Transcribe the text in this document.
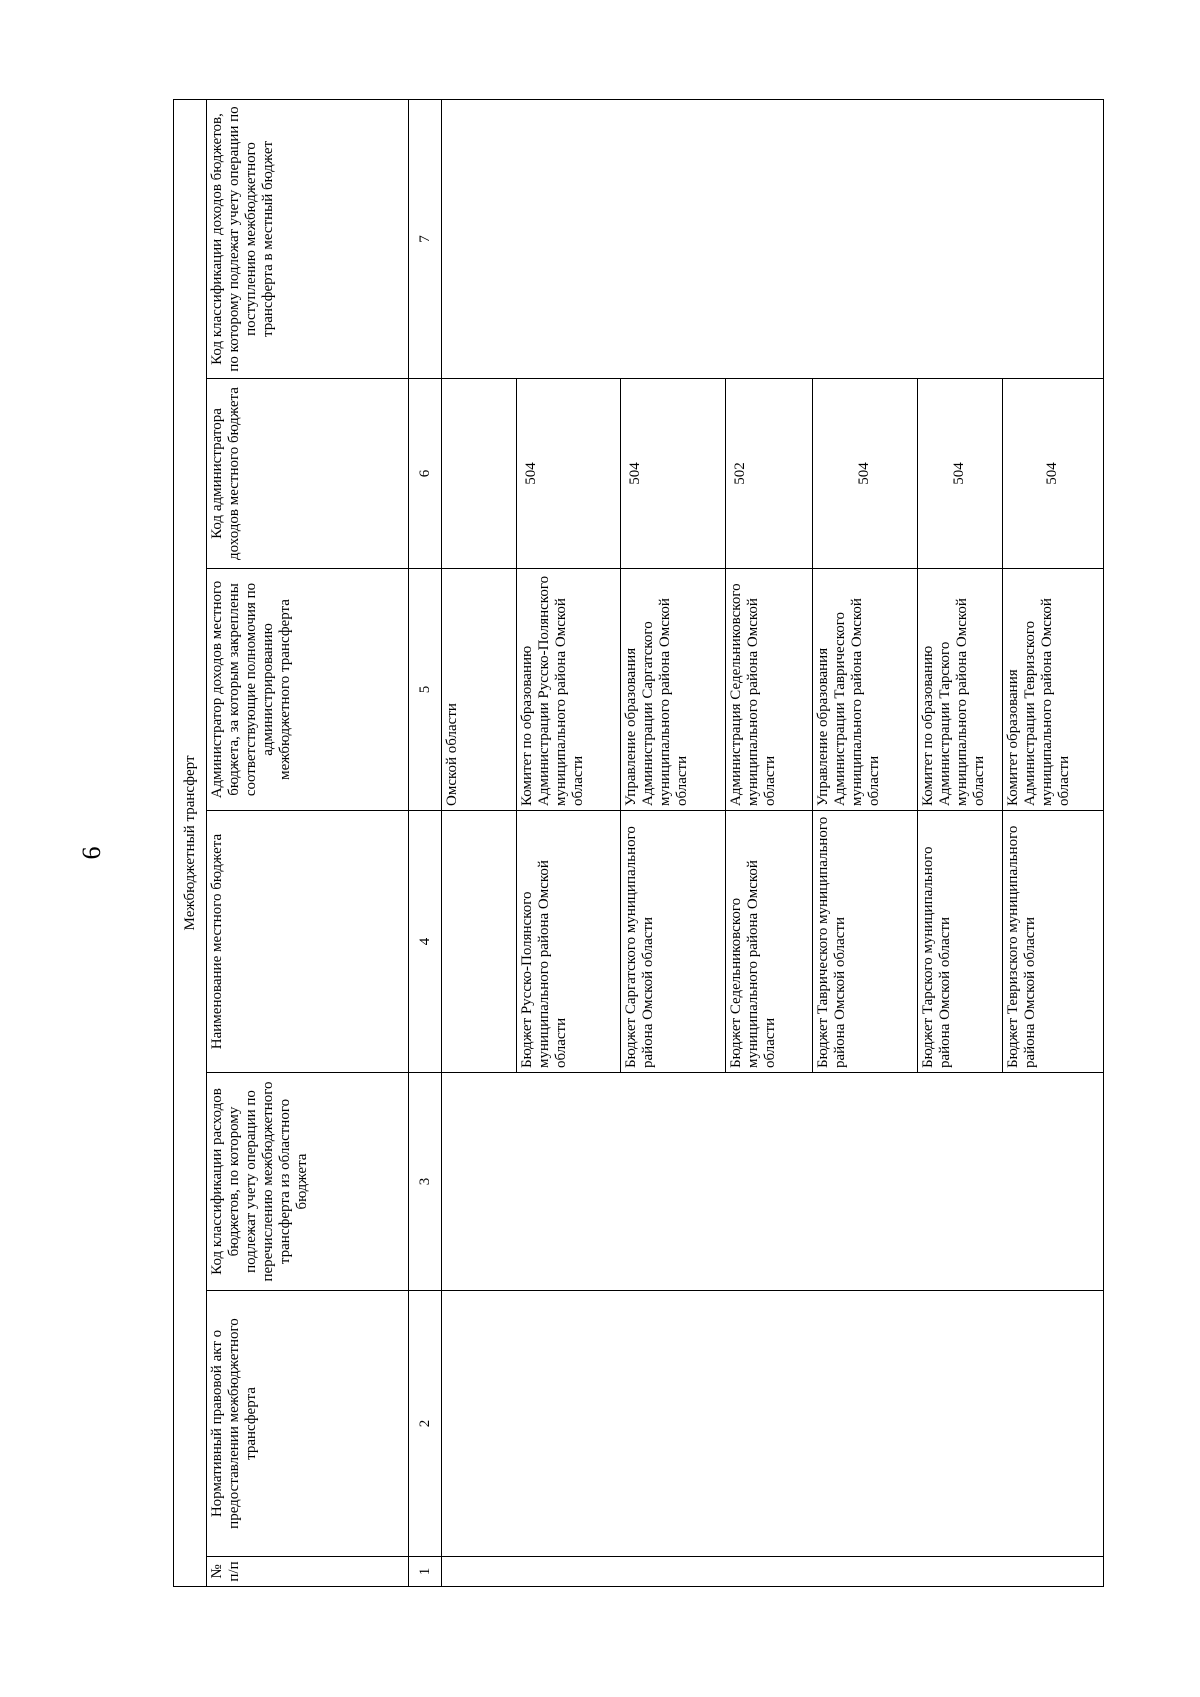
6	Межбюджетный трансферт						
№ п/п	Нормативный правовой акт о предоставлении межбюджетного трансферта	Код классификации расходов бюджетов, по которому подлежат учету операции по перечислению межбюджетного трансферта из областного бюджета	Наименование местного бюджета	Администратор доходов местного бюджета, за которым закреплены соответствующие полномочия по администрированию межбюджетного трансферта	Код администратора доходов местного бюджета	Код классификации доходов бюджетов, по которому подлежат учету операции по поступлению межбюджетного трансферта в местный бюджет
1	2	3	4	5	6	7
				Омской области		
			Бюджет Русско-Полянского муниципального района Омской области	Комитет по образованию Администрации Русско-Полянского муниципального района Омской области	504	
			Бюджет Саргатского муниципального района Омской области	Управление образования Администрации Саргатского муниципального района Омской области	504	
			Бюджет Седельниковского муниципального района Омской области	Администрация Седельниковского муниципального района Омской области	502	
			Бюджет Таврического муниципального района Омской области	Управление образования Администрации Таврического муниципального района Омской области	504	
			Бюджет Тарского муниципального района Омской области	Комитет по образованию Администрации Тарского муниципального района Омской области	504	
			Бюджет Тевризского муниципального района Омской области	Комитет образования Администрации Тевризского муниципального района Омской области	504	
